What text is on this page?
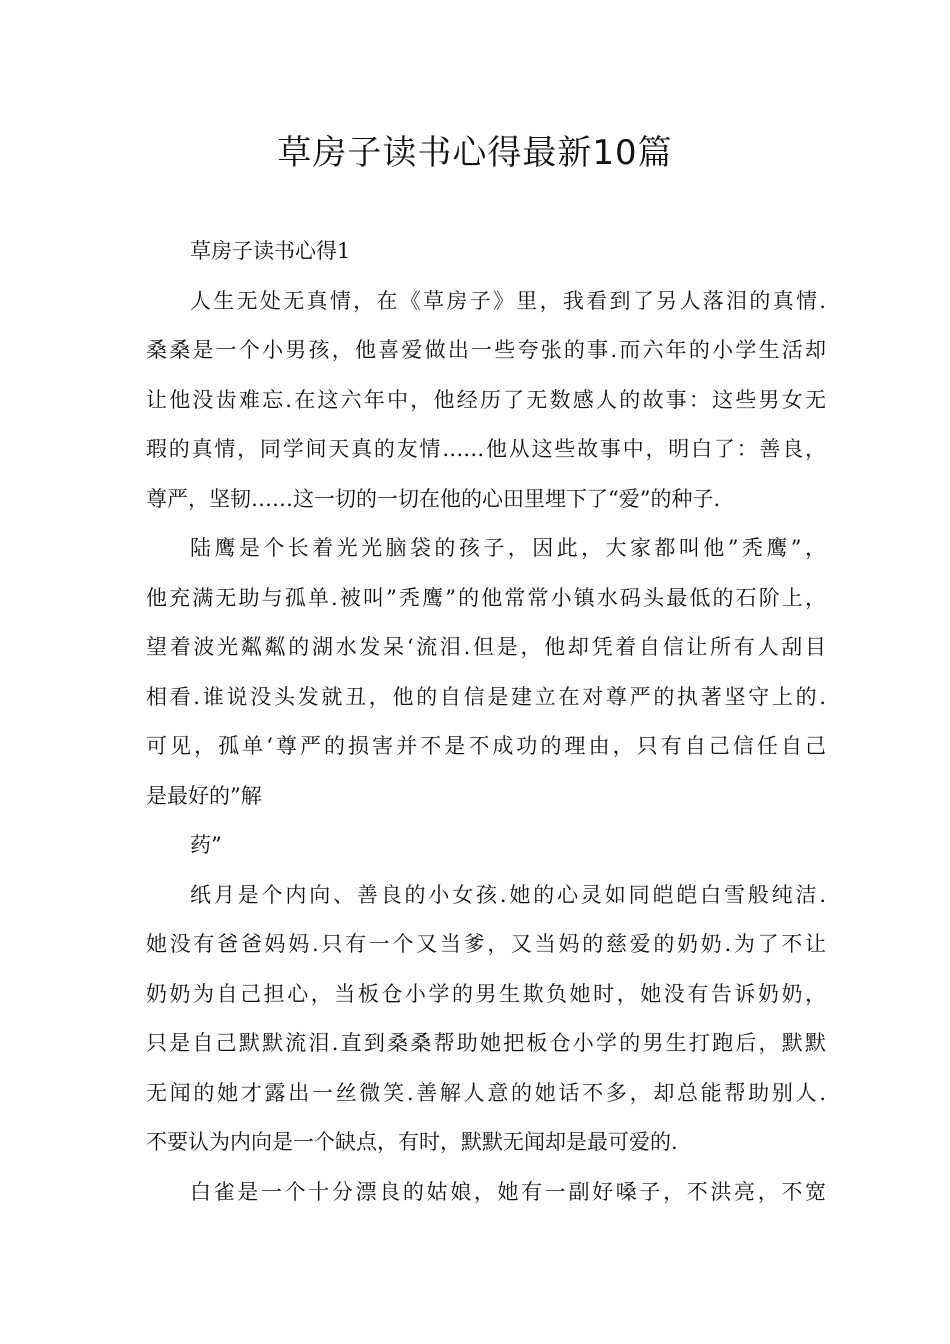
草房子读书心得最新10篇
草房子读书心得1
人生无处无真情，在《草房子》里，我看到了另人落泪的真情.
桑桑是一个小男孩，他喜爱做出一些夸张的事.而六年的小学生活却
让他没齿难忘.在这六年中，他经历了无数感人的故事：这些男女无
瑕的真情，同学间天真的友情……他从这些故事中，明白了：善良，
尊严，坚韧……这一切的一切在他的心田里埋下了“爱”的种子.
陆鹰是个长着光光脑袋的孩子，因此，大家都叫他”秃鹰”，
他充满无助与孤单.被叫”秃鹰”的他常常小镇水码头最低的石阶上，
望着波光粼粼的湖水发呆‘流泪.但是，他却凭着自信让所有人刮目
相看.谁说没头发就丑，他的自信是建立在对尊严的执著坚守上的.
可见，孤单‘尊严的损害并不是不成功的理由，只有自己信任自己
是最好的”解
药”
纸月是个内向、善良的小女孩.她的心灵如同皑皑白雪般纯洁.
她没有爸爸妈妈.只有一个又当爹，又当妈的慈爱的奶奶.为了不让
奶奶为自己担心，当板仓小学的男生欺负她时，她没有告诉奶奶，
只是自己默默流泪.直到桑桑帮助她把板仓小学的男生打跑后，默默
无闻的她才露出一丝微笑.善解人意的她话不多，却总能帮助别人.
不要认为内向是一个缺点，有时，默默无闻却是最可爱的.
白雀是一个十分漂良的姑娘，她有一副好嗓子，不洪亮，不宽
